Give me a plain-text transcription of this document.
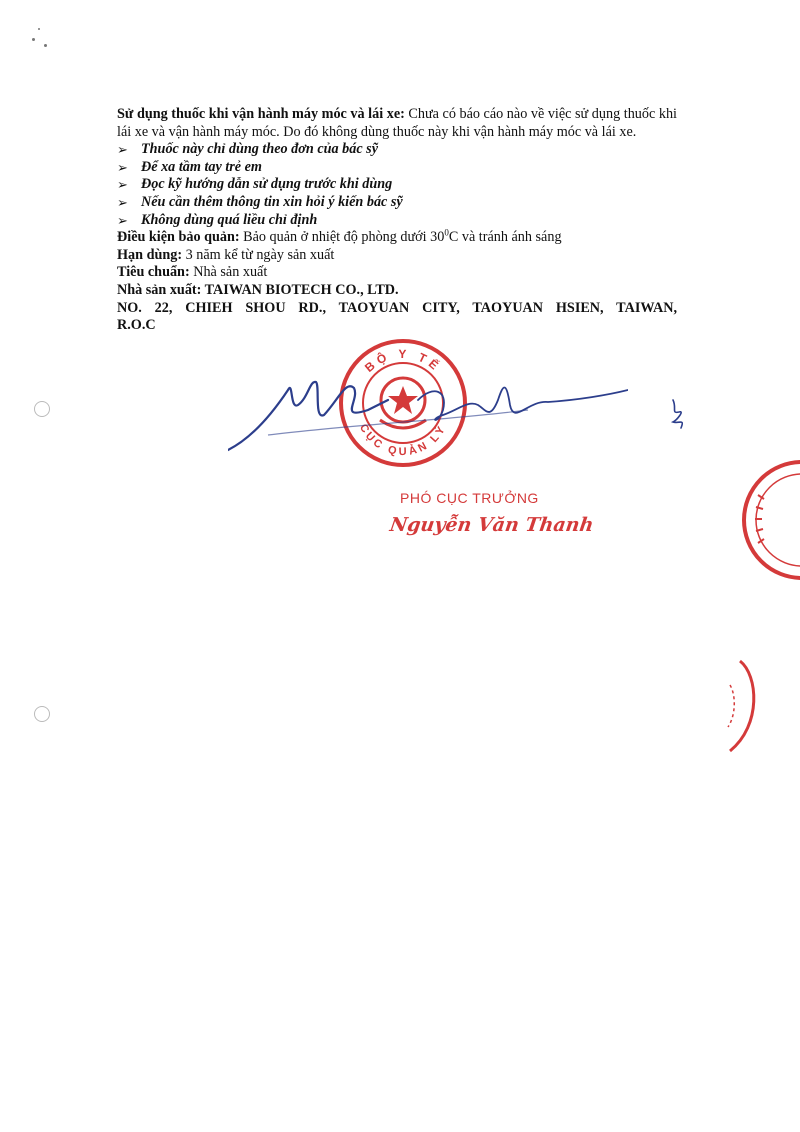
Sử dụng thuốc khi vận hành máy móc và lái xe: Chưa có báo cáo nào về việc sử dụng thuốc khi lái xe và vận hành máy móc. Do đó không dùng thuốc này khi vận hành máy móc và lái xe.

➢ Thuốc này chỉ dùng theo đơn của bác sỹ
➢ Để xa tầm tay trẻ em
➢ Đọc kỹ hướng dẫn sử dụng trước khi dùng
➢ Nếu cần thêm thông tin xin hỏi ý kiến bác sỹ
➢ Không dùng quá liều chỉ định

Điều kiện bảo quản: Bảo quản ở nhiệt độ phòng dưới $30^0C$ và tránh ánh sáng

Hạn dùng: 3 năm kể từ ngày sản xuất

Tiêu chuẩn: Nhà sản xuất

Nhà sản xuất: TAIWAN BIOTECH CO., LTD.

NO. 22, CHIEH SHOU RD., TAOYUAN CITY, TAOYUAN HSIEN, TAIWAN,

R.O.C

BỘ Y TẾ
CỤC QUẢN LÝ
PHÓ CỤC TRƯỞNG
Nguyễn Văn Thanh
